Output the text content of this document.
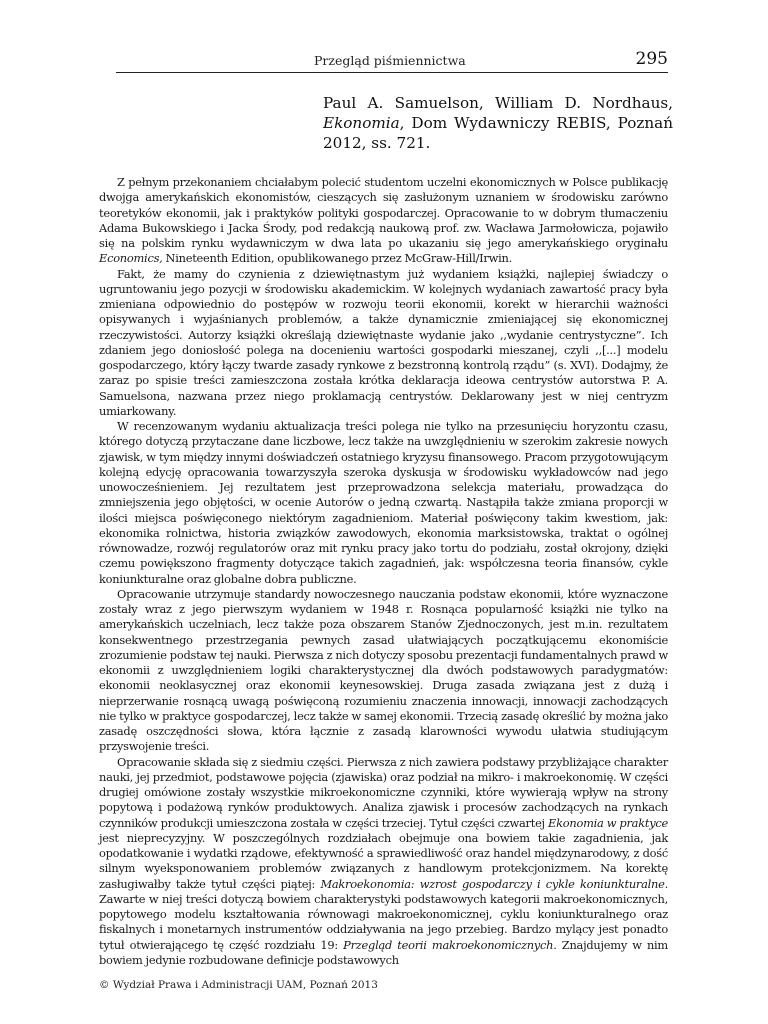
Przegląd piśmiennictwa	295
Paul A. Samuelson, William D. Nordhaus, Ekonomia, Dom Wydawniczy REBIS, Poznań 2012, ss. 721.

Z pełnym przekonaniem chciałabym polecić studentom uczelni ekonomicznych w Polsce publikację dwojga amerykańskich ekonomistów, cieszących się zasłużonym uznaniem w środowisku zarówno teoretyków ekonomii, jak i praktyków polityki gospodarczej. Opracowanie to w dobrym tłumaczeniu Adama Bukowskiego i Jacka Środy, pod redakcją naukową prof. zw. Wacława Jarmołowicza, pojawiło się na polskim rynku wydawniczym w dwa lata po ukazaniu się jego amerykańskiego oryginału Economics, Nineteenth Edition, opublikowanego przez McGraw-Hill/Irwin.

Fakt, że mamy do czynienia z dziewiętnastym już wydaniem książki, najlepiej świadczy o ugruntowaniu jego pozycji w środowisku akademickim. W kolejnych wydaniach zawartość pracy była zmieniana odpowiednio do postępów w rozwoju teorii ekonomii, korekt w hierarchii ważności opisywanych i wyjaśnianych problemów, a także dynamicznie zmieniającej się ekonomicznej rzeczywistości. Autorzy książki określają dziewiętnaste wydanie jako ,,wydanie centrystyczne”. Ich zdaniem jego doniosłość polega na docenieniu wartości gospodarki mieszanej, czyli ,,[...] modelu gospodarczego, który łączy twarde zasady rynkowe z bezstronną kontrolą rządu” (s. XVI). Dodajmy, że zaraz po spisie treści zamieszczona została krótka deklaracja ideowa centrystów autorstwa P. A. Samuelsona, nazwana przez niego proklamacją centrystów. Deklarowany jest w niej centryzm umiarkowany.

W recenzowanym wydaniu aktualizacja treści polega nie tylko na przesunięciu horyzontu czasu, którego dotyczą przytaczane dane liczbowe, lecz także na uwzględnieniu w szerokim zakresie nowych zjawisk, w tym między innymi doświadczeń ostatniego kryzysu finansowego. Pracom przygotowującym kolejną edycję opracowania towarzyszyła szeroka dyskusja w środowisku wykładowców nad jego unowocześnieniem. Jej rezultatem jest przeprowadzona selekcja materiału, prowadząca do zmniejszenia jego objętości, w ocenie Autorów o jedną czwartą. Nastąpiła także zmiana proporcji w ilości miejsca poświęconego niektórym zagadnieniom. Materiał poświęcony takim kwestiom, jak: ekonomika rolnictwa, historia związków zawodowych, ekonomia marksistowska, traktat o ogólnej równowadze, rozwój regulatorów oraz mit rynku pracy jako tortu do podziału, został okrojony, dzięki czemu powiększono fragmenty dotyczące takich zagadnień, jak: współczesna teoria finansów, cykle koniunkturalne oraz globalne dobra publiczne.

Opracowanie utrzymuje standardy nowoczesnego nauczania podstaw ekonomii, które wyznaczone zostały wraz z jego pierwszym wydaniem w 1948 r. Rosnąca popularność książki nie tylko na amerykańskich uczelniach, lecz także poza obszarem Stanów Zjednoczonych, jest m.in. rezultatem konsekwentnego przestrzegania pewnych zasad ułatwiających początkującemu ekonomiście zrozumienie podstaw tej nauki. Pierwsza z nich dotyczy sposobu prezentacji fundamentalnych prawd w ekonomii z uwzględnieniem logiki charakterystycznej dla dwóch podstawowych paradygmatów: ekonomii neoklasycznej oraz ekonomii keynesowskiej. Druga zasada związana jest z dużą i nieprzerwanie rosnącą uwagą poświęconą rozumieniu znaczenia innowacji, innowacji zachodzących nie tylko w praktyce gospodarczej, lecz także w samej ekonomii. Trzecią zasadę określić by można jako zasadę oszczędności słowa, która łącznie z zasadą klarowności wywodu ułatwia studiującym przyswojenie treści.

Opracowanie składa się z siedmiu części. Pierwsza z nich zawiera podstawy przybliżające charakter nauki, jej przedmiot, podstawowe pojęcia (zjawiska) oraz podział na mikro- i makroekonomię. W części drugiej omówione zostały wszystkie mikroekonomiczne czynniki, które wywierają wpływ na strony popytową i podażową rynków produktowych. Analiza zjawisk i procesów zachodzących na rynkach czynników produkcji umieszczona została w części trzeciej. Tytuł części czwartej Ekonomia w praktyce jest nieprecyzyjny. W poszczególnych rozdziałach obejmuje ona bowiem takie zagadnienia, jak opodatkowanie i wydatki rządowe, efektywność a sprawiedliwość oraz handel międzynarodowy, z dość silnym wyeksponowaniem problemów związanych z handlowym protekcjonizmem. Na korektę zasługiwałby także tytuł części piątej: Makroekonomia: wzrost gospodarczy i cykle koniunkturalne. Zawarte w niej treści dotyczą bowiem charakterystyki podstawowych kategorii makroekonomicznych, popytowego modelu kształtowania równowagi makroekonomicznej, cyklu koniunkturalnego oraz fiskalnych i monetarnych instrumentów oddziaływania na jego przebieg. Bardzo mylący jest ponadto tytuł otwierającego tę część rozdziału 19: Przegląd teorii makroekonomicznych. Znajdujemy w nim bowiem jedynie rozbudowane definicje podstawowych

© Wydział Prawa i Administracji UAM, Poznań 2013
